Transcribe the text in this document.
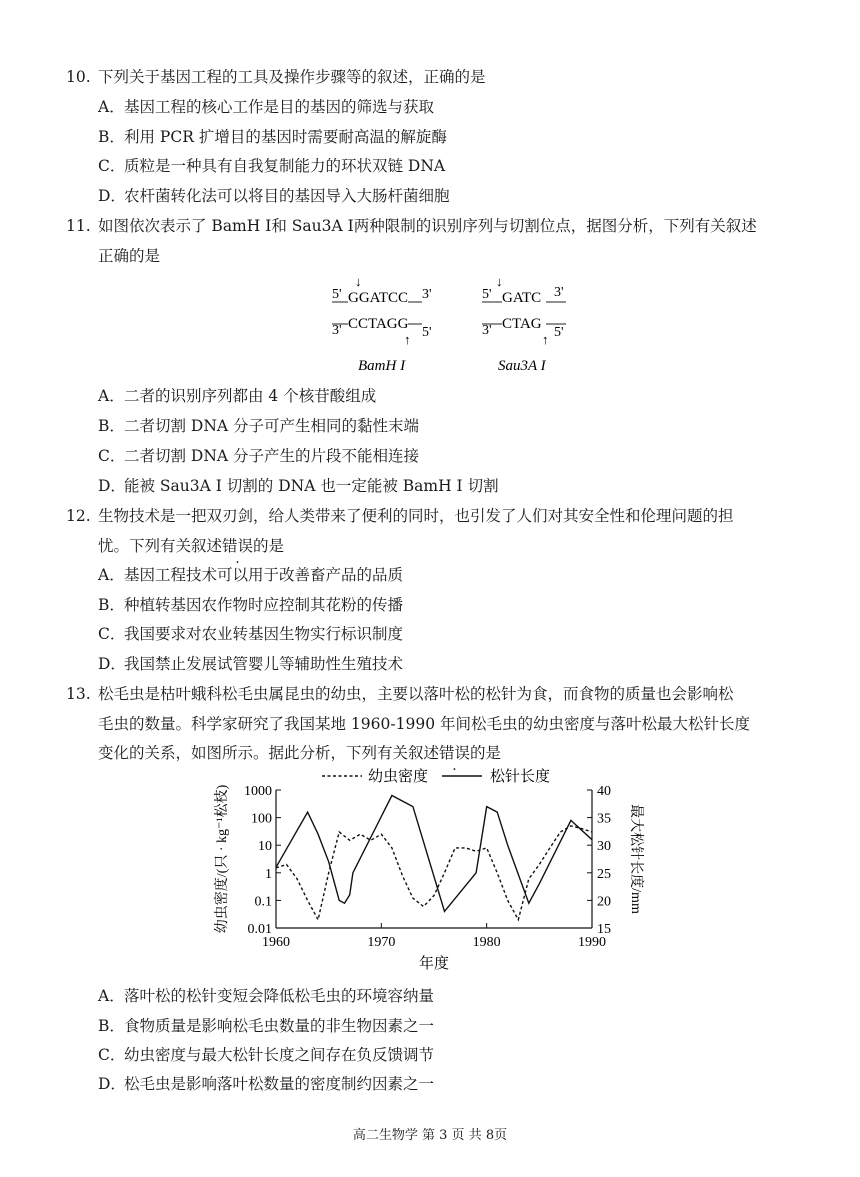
10. 下列关于基因工程的工具及操作步骤等的叙述，正确的是
A．基因工程的核心工作是目的基因的筛选与获取
B．利用 PCR 扩增目的基因时需要耐高温的解旋酶
C．质粒是一种具有自我复制能力的环状双链 DNA
D．农杆菌转化法可以将目的基因导入大肠杆菌细胞
11. 如图依次表示了 BamH I和 Sau3A I两种限制的识别序列与切割位点，据图分析，下列有关叙述
正确的是
5'
↓
GGATCC 3'
3' CCTAGG
5'
↑
BamH I
5'
↓
GATC 3'
3' CTAG
5'
↑
Sau3A I
A．二者的识别序列都由 4 个核苷酸组成
B．二者切割 DNA 分子可产生相同的黏性末端
C．二者切割 DNA 分子产生的片段不能相连接
D．能被 Sau3A I 切割的 DNA 也一定能被 BamH I 切割
12. 生物技术是一把双刃剑，给人类带来了便利的同时，也引发了人们对其安全性和伦理问题的担
忧。下列有关叙述错误的是
A．基因工程技术可以用于改善畜产品的品质
B．种植转基因农作物时应控制其花粉的传播
C．我国要求对农业转基因生物实行标识制度
D．我国禁止发展试管婴儿等辅助性生殖技术
13. 松毛虫是枯叶蛾科松毛虫属昆虫的幼虫，主要以落叶松的松针为食，而食物的质量也会影响松
毛虫的数量。科学家研究了我国某地 1960-1990 年间松毛虫的幼虫密度与落叶松最大松针长度
变化的关系，如图所示。据此分析，下列有关叙述错误的是
0.01
0.1
1
10
100
1000
15
20
25
30
35
40
1960	1970	1980	1990
年度
幼虫密度/(只 · kg⁻¹松枝)	最大松针长度/mm
幼虫密度	松针长度
A．落叶松的松针变短会降低松毛虫的环境容纳量
B．食物质量是影响松毛虫数量的非生物因素之一
C．幼虫密度与最大松针长度之间存在负反馈调节
D．松毛虫是影响落叶松数量的密度制约因素之一
高二生物学 第 3 页 共 8页
